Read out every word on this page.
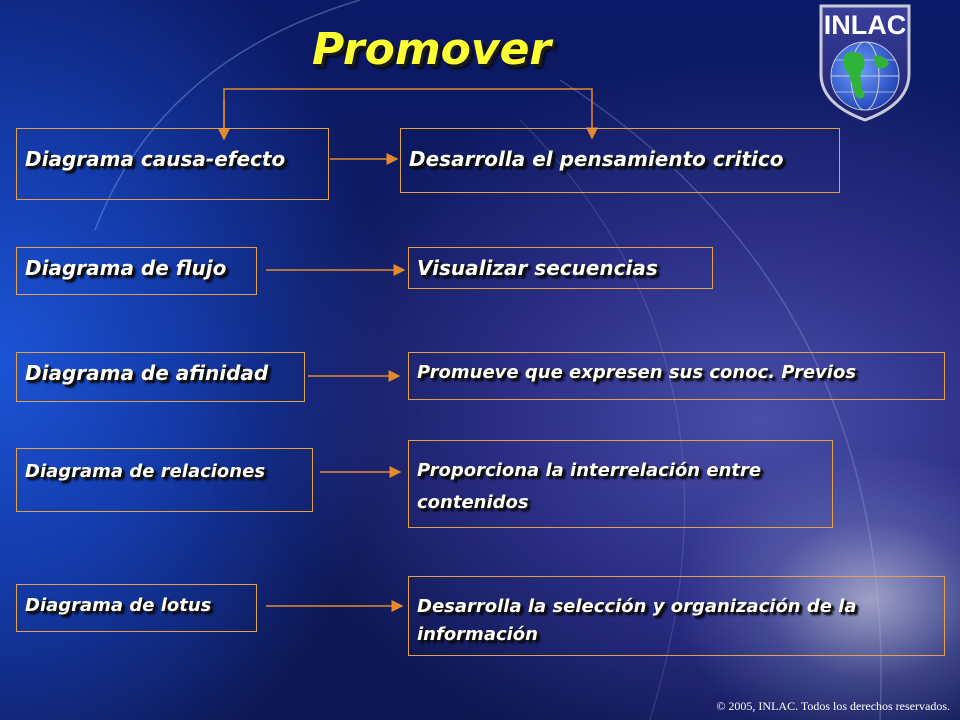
Promover	INLAC
Diagrama causa-efecto	Desarrolla el pensamiento critico
Diagrama de flujo	Visualizar secuencias
Diagrama de afinidad	Promueve que expresen sus conoc. Previos
Diagrama de relaciones	Proporciona la interrelación entre
contenidos
Diagrama de lotus	Desarrolla la selección y organización de la
información
© 2005, INLAC. Todos los derechos reservados.
